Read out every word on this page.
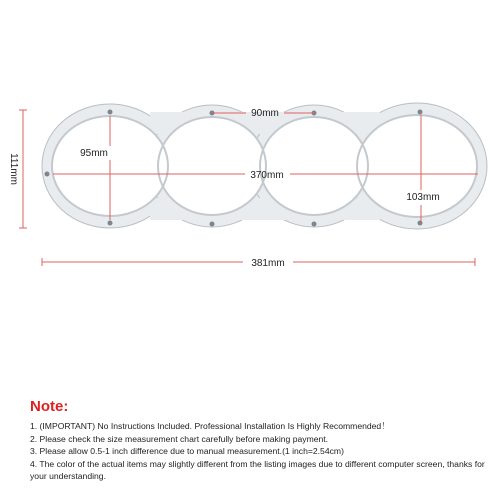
111mm
90mm
95mm
370mm
103mm
381mm
Note:

1. (IMPORTANT) No Instructions Included. Professional Installation Is Highly Recommended！

2. Please check the size measurement chart carefully before making payment.

3. Please allow 0.5-1 inch difference due to manual measurement.(1 inch=2.54cm)

4. The color of the actual items may slightly different from the listing images due to different computer screen, thanks for your understanding.
